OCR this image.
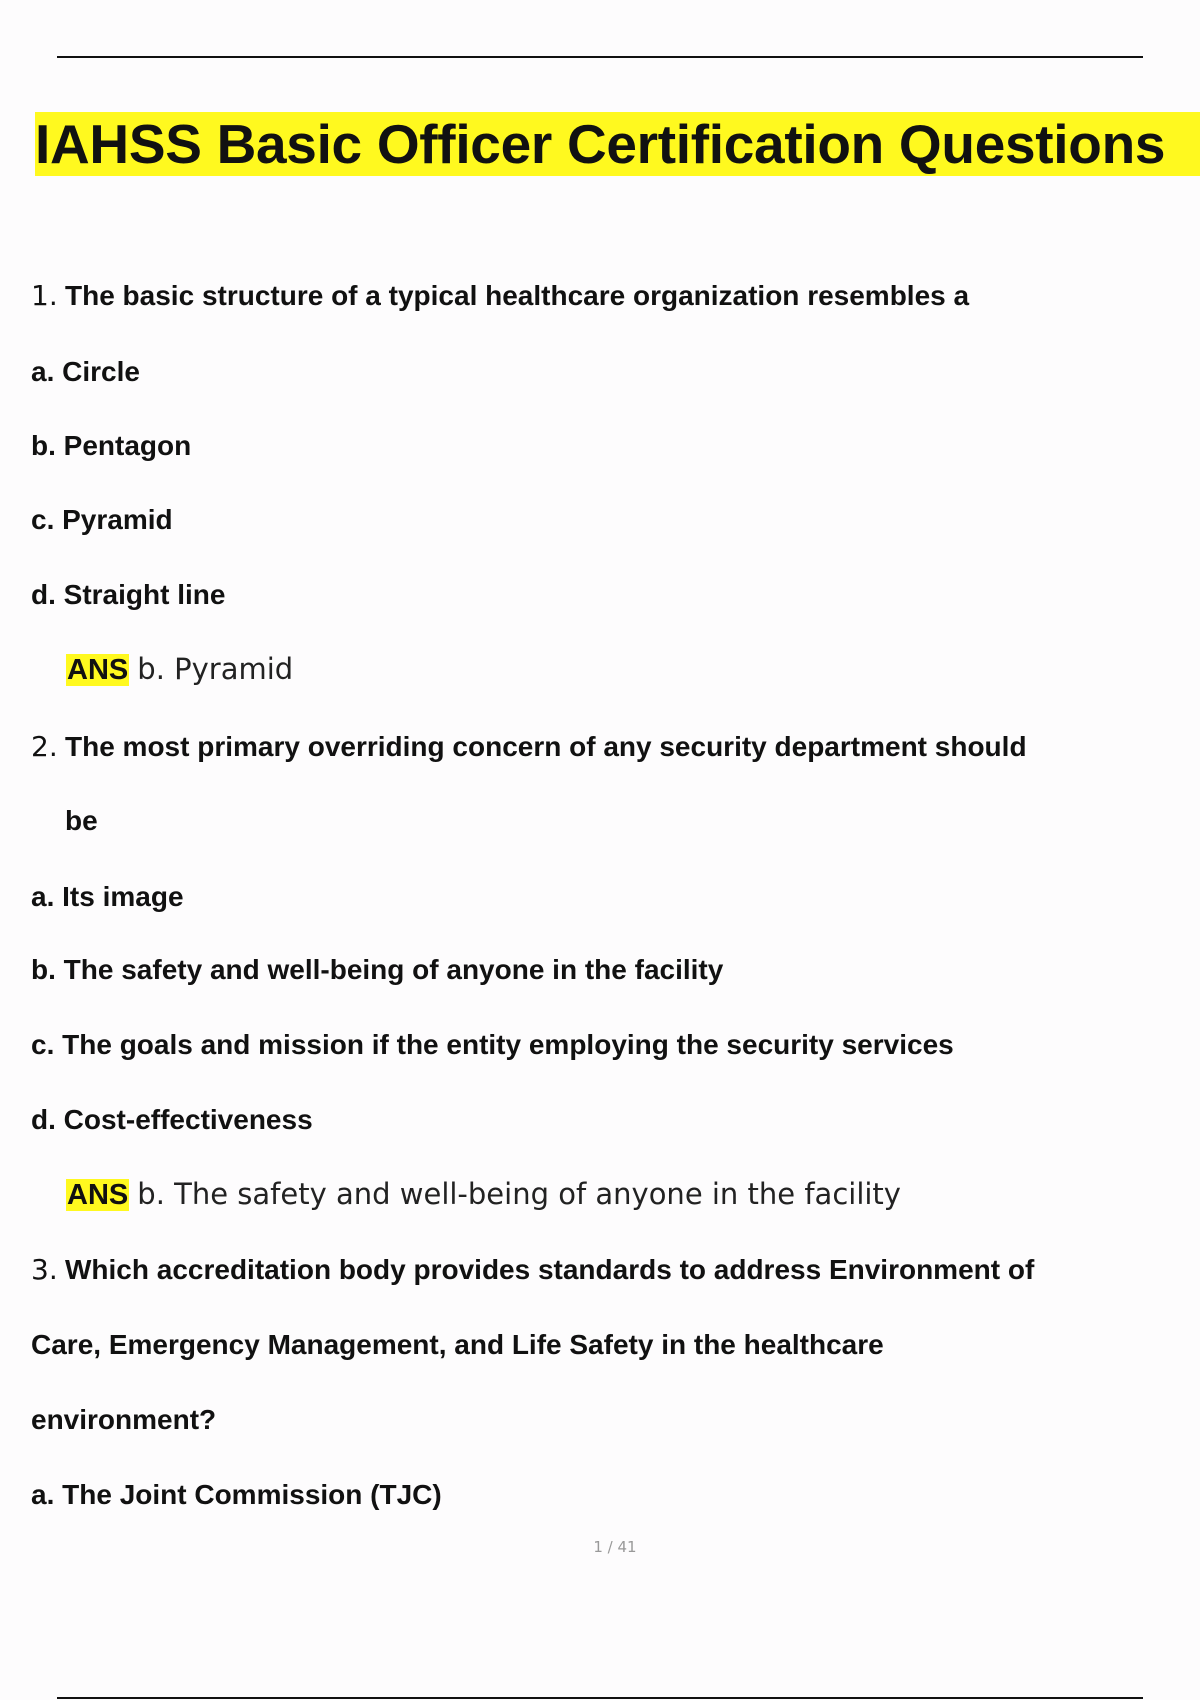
IAHSS Basic Officer Certification Questions
1. The basic structure of a typical healthcare organization resembles a
a. Circle
b. Pentagon
c. Pyramid
d. Straight line
ANS b. Pyramid
2. The most primary overriding concern of any security department should
be
a. Its image
b. The safety and well-being of anyone in the facility
c. The goals and mission if the entity employing the security services
d. Cost-effectiveness
ANS b. The safety and well-being of anyone in the facility
3. Which accreditation body provides standards to address Environment of
Care, Emergency Management, and Life Safety in the healthcare
environment?
a. The Joint Commission (TJC)
1 / 41
